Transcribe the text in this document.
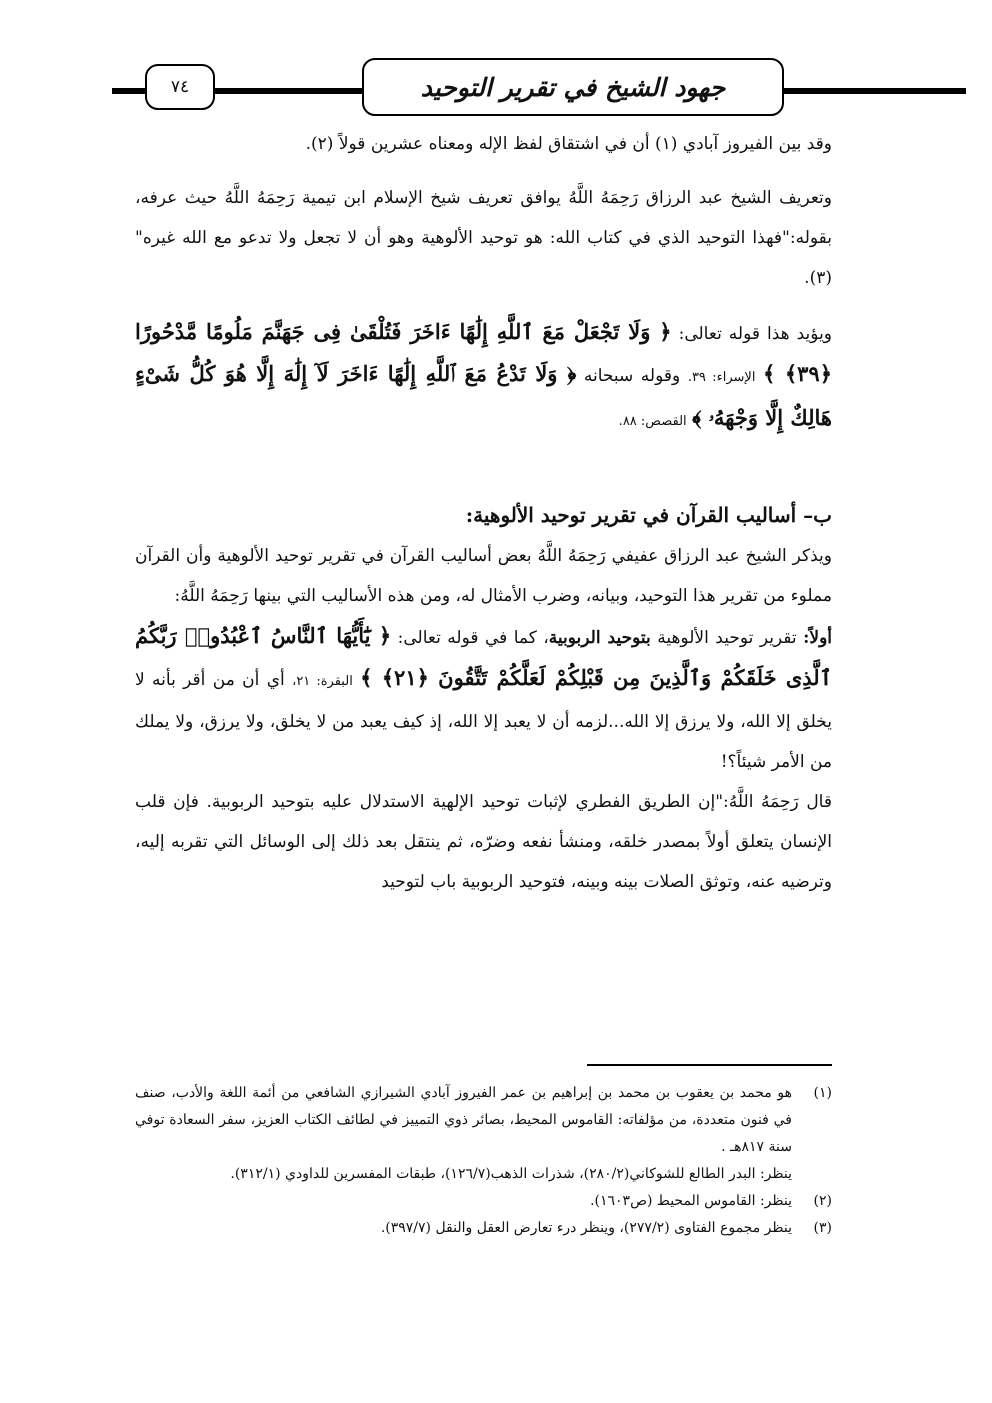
٧٤	جهود الشيخ في تقرير التوحيد

وقد بين الفيروز آبادي (١) أن في اشتقاق لفظ الإله ومعناه عشرين قولاً (٢).

وتعريف الشيخ عبد الرزاق رَحِمَهُ اللَّهُ يوافق تعريف شيخ الإسلام ابن تيمية رَحِمَهُ اللَّهُ حيث عرفه، بقوله:"فهذا التوحيد الذي في كتاب الله: هو توحيد الألوهية وهو أن لا تجعل ولا تدعو مع الله غيره"(٣).

ويؤيد هذا قوله تعالى: ﴿ وَلَا تَجْعَلْ مَعَ ٱللَّهِ إِلَٰهًا ءَاخَرَ فَتُلْقَىٰ فِى جَهَنَّمَ مَلُومًا مَّدْحُورًا ﴿٣٩﴾ ﴾ الإسراء: ٣٩. وقوله سبحانه ﴿ وَلَا تَدْعُ مَعَ ٱللَّهِ إِلَٰهًا ءَاخَرَ لَآ إِلَٰهَ إِلَّا هُوَ كُلُّ شَىْءٍ هَالِكٌ إِلَّا وَجْهَهُۥ ﴾ القصص: ٨٨.

ب– أساليب القرآن في تقرير توحيد الألوهية:

ويذكر الشيخ عبد الرزاق عفيفي رَحِمَهُ اللَّهُ بعض أساليب القرآن في تقرير توحيد الألوهية وأن القرآن مملوء من تقرير هذا التوحيد، وبيانه، وضرب الأمثال له، ومن هذه الأساليب التي بينها رَحِمَهُ اللَّهُ:

أولاً: تقرير توحيد الألوهية بتوحيد الربوبية، كما في قوله تعالى: ﴿ يَٰٓأَيُّهَا ٱلنَّاسُ ٱعْبُدُوا۟ رَبَّكُمُ ٱلَّذِى خَلَقَكُمْ وَٱلَّذِينَ مِن قَبْلِكُمْ لَعَلَّكُمْ تَتَّقُونَ ﴿٢١﴾ ﴾ البقرة: ٢١، أي أن من أقر بأنه لا يخلق إلا الله، ولا يرزق إلا الله...لزمه أن لا يعبد إلا الله، إذ كيف يعبد من لا يخلق، ولا يرزق، ولا يملك من الأمر شيئاً؟!

قال رَحِمَهُ اللَّهُ:"إن الطريق الفطري لإثبات توحيد الإلهية الاستدلال عليه بتوحيد الربوبية. فإن قلب الإنسان يتعلق أولاً بمصدر خلقه، ومنشأ نفعه وضرّه، ثم ينتقل بعد ذلك إلى الوسائل التي تقربه إليه، وترضيه عنه، وتوثق الصلات بينه وبينه، فتوحيد الربوبية باب لتوحيد

(١)
هو محمد بن يعقوب بن محمد بن إبراهيم بن عمر الفيروز آبادي الشيرازي الشافعي من أئمة اللغة والأدب، صنف في فنون متعددة، من مؤلفاته: القاموس المحيط، بصائر ذوي التمييز في لطائف الكتاب العزيز، سفر السعادة توفي سنة ٨١٧هـ .
ينظر: البدر الطالع للشوكاني(٢٨٠/٢)، شذرات الذهب(١٢٦/٧)، طبقات المفسرين للداودي (٣١٢/١).
(٢)
ينظر: القاموس المحيط (ص١٦٠٣).
(٣)
ينظر مجموع الفتاوى (٢٧٧/٢)، وينظر درء تعارض العقل والنقل (٣٩٧/٧).
